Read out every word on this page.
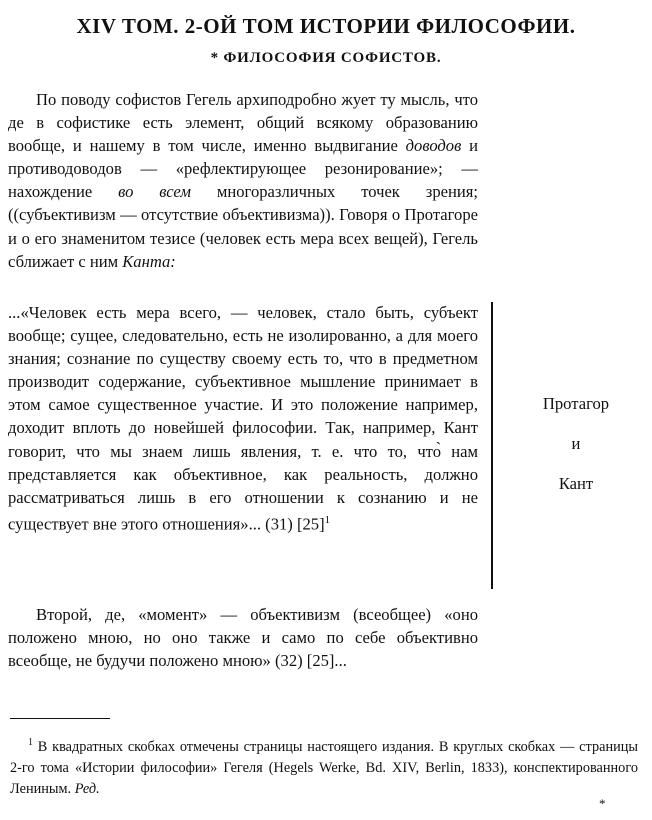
XIV ТОМ. 2-ОЙ ТОМ ИСТОРИИ ФИЛОСОФИИ.
* ФИЛОСОФИЯ СОФИСТОВ.

По поводу софистов Гегель архиподробно жует ту мысль, что де в софистике есть элемент, общий всякому образованию вообще, и нашему в том числе, именно выдвигание доводов и противодоводов — «рефлектирующее резонирование»; — нахождение во всем многоразличных точек зрения; ((субъективизм — отсутствие объективизма)). Говоря о Протагоре и о его знаменитом тезисе (человек есть мера всех вещей), Гегель сближает с ним Канта:

...«Человек есть мера всего, — человек, стало быть, субъект вообще; сущее, следовательно, есть не изолированно, а для моего знания; сознание по существу своему есть то, что в предметном производит содержание, субъективное мышление принимает в этом самое существенное участие. И это положение например, доходит вплоть до новейшей философии. Так, например, Кант говорит, что мы знаем лишь явления, т. е. что то, что̀ нам представляется как объективное, как реальность, должно рассматриваться лишь в его отношении к сознанию и не существует вне этого отношения»... (31) $[25]^1$

Протагор
и
Кант

Второй, де, «момент» — объективизм (всеобщее) «оно положено мною, но оно также и само по себе объективно всеобще, не будучи положено мною» (32) [25]...

$^1$ В квадратных скобках отмечены страницы настоящего издания. В круглых скобках — страницы 2-го тома «Истории философии» Гегеля (Hegels Werke, Bd. XIV, Berlin, 1833), конспектированного Лениным. Ред.

*
